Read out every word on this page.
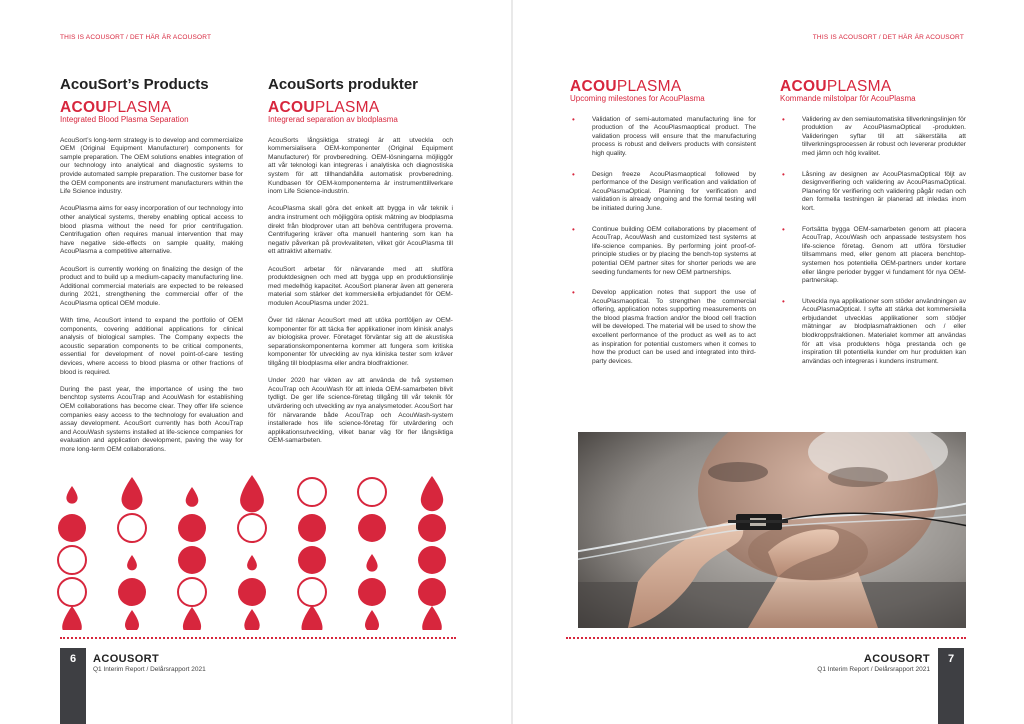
THIS IS ACOUSORT / DET HÄR ÄR ACOUSORT
AcouSort’s Products
ACOUPLASMA
Integrated Blood Plasma Separation

AcouSort’s long-term strategy is to develop and commercialize OEM (Original Equipment Manufacturer) components for sample preparation. The OEM solutions enables integration of our technology into analytical and diagnostic systems to provide automated sample preparation. The customer base for the OEM components are instrument manufacturers within the Life Science industry.

AcouPlasma aims for easy incorporation of our technology into other analytical systems, thereby enabling optical access to blood plasma without the need for prior centrifugation. Centrifugation often requires manual intervention that may have negative side-effects on sample quality, making AcouPlasma a competitive alternative.

AcouSort is currently working on finalizing the design of the product and to build up a medium-capacity manufacturing line. Additional commercial materials are expected to be released during 2021, strengthening the commercial offer of the AcouPlasma optical OEM module.

With time, AcouSort intend to expand the portfolio of OEM components, covering additional applications for clinical analysis of biological samples. The Company expects the acoustic separation components to be critical components, essential for development of novel point-of-care testing devices, where access to blood plasma or other fractions of blood is required.

During the past year, the importance of using the two benchtop systems AcouTrap and AcouWash for establishing OEM collaborations has become clear. They offer life science companies easy access to the technology for evaluation and assay development. AcouSort currently has both AcouTrap and AcouWash systems installed at life-science companies for evaluation and application development, paving the way for more long-term OEM collaborations.

AcouSorts produkter
ACOUPLASMA
Integrerad separation av blodplasma

AcouSorts långsiktiga strategi är att utveckla och kommersialisera OEM-komponenter (Original Equipment Manufacturer) för provberedning. OEM-lösningarna möjliggör att vår teknologi kan integreras i analytiska och diagnostiska system för att tillhandahålla automatisk provberedning. Kundbasen för OEM-komponenterna är instrumenttillverkare inom Life Science-industrin.

AcouPlasma skall göra det enkelt att bygga in vår teknik i andra instrument och möjliggöra optisk mätning av blodplasma direkt från blodprover utan att behöva centrifugera proverna. Centrifugering kräver ofta manuell hantering som kan ha negativ påverkan på provkvaliteten, vilket gör AcouPlasma till ett attraktivt alternativ.

AcouSort arbetar för närvarande med att slutföra produktdesignen och med att bygga upp en produktionslinje med medelhög kapacitet. AcouSort planerar även att generera material som stärker det kommersiella erbjudandet för OEM-modulen AcouPlasma under 2021.

Över tid räknar AcouSort med att utöka portföljen av OEM-komponenter för att täcka fler applikationer inom klinisk analys av biologiska prover. Företaget förväntar sig att de akustiska separationskomponenterna kommer att fungera som kritiska komponenter för utveckling av nya kliniska tester som kräver tillgång till blodplasma eller andra blodfraktioner.

Under 2020 har vikten av att använda de två systemen AcouTrap och AcouWash för att inleda OEM-samarbeten blivit tydligt. De ger life science-företag tillgång till vår teknik för utvärdering och utveckling av nya analysmetoder. AcouSort har för närvarande både AcouTrap och AcouWash-system installerade hos life science-företag för utvärdering och applikationsutveckling, vilket banar väg för fler långsiktiga OEM-samarbeten.

6	ACOUSORT
Q1 Interim Report / Delårsrapport 2021
THIS IS ACOUSORT / DET HÄR ÄR ACOUSORT
ACOUPLASMA
Upcoming milestones for AcouPlasma
• Validation of semi-automated manufacturing line for production of the AcouPlasmaoptical product. The validation process will ensure that the manufacturing process is robust and delivers products with consistent high quality.
• Design freeze AcouPlasmaoptical followed by performance of the Design verification and validation of AcouPlasmaOptical. Planning for verification and validation is already ongoing and the formal testing will be initiated during June.
• Continue building OEM collaborations by placement of AcouTrap, AcouWash and customized test systems at life-science companies. By performing joint proof-of-principle studies or by placing the bench-top systems at potential OEM partner sites for shorter periods we are seeding fundaments for new OEM partnerships.
• Develop application notes that support the use of AcouPlasmaoptical. To strengthen the commercial offering, application notes supporting measurements on the blood plasma fraction and/or the blood cell fraction will be developed. The material will be used to show the excellent performance of the product as well as to act as inspiration for potential customers when it comes to how the product can be used and integrated into third-party devices.
ACOUPLASMA
Kommande milstolpar för AcouPlasma
• Validering av den semiautomatiska tillverkningslinjen för produktion av AcouPlasmaOptical -produkten. Valideringen syftar till att säkerställa att tillverkningsprocessen är robust och levererar produkter med jämn och hög kvalitet.
• Låsning av designen av AcouPlasmaOptical följt av designverifiering och validering av AcouPlasmaOptical. Planering för verifiering och validering pågår redan och den formella testningen är planerad att inledas inom kort.
• Fortsätta bygga OEM-samarbeten genom att placera AcouTrap, AcouWash och anpassade testsystem hos life-science företag. Genom att utföra förstudier tillsammans med, eller genom att placera benchtop-systemen hos potentiella OEM-partners under kortare eller längre perioder bygger vi fundament för nya OEM-partnerskap.
• Utveckla nya applikationer som stöder användningen av AcouPlasmaOptical. I syfte att stärka det kommersiella erbjudandet utvecklas applikationer som stödjer mätningar av blodplasmafraktionen och / eller blodkroppsfraktionen. Materialet kommer att användas för att visa produktens höga prestanda och ge inspiration till potentiella kunder om hur produkten kan användas och integreras i kundens instrument.
7
ACOUSORT
Q1 Interim Report / Delårsrapport 2021
